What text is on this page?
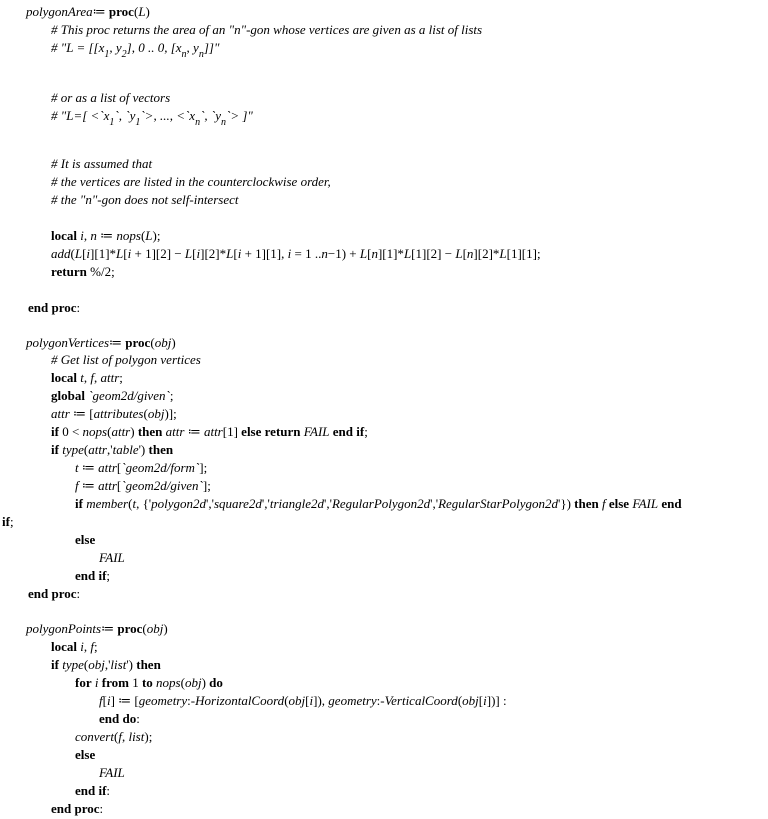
polygonArea≔ proc(L)
# This proc returns the area of an "n"-gon whose vertices are given as a list of lists
# "$L = [[x_1$, $y_2$], 0 .. 0, [$x_n$, $y_n$]]"
# or as a list of vectors
# "$L=[ <`x_1`$, $`y_1`>$, ..., $<`x_n`$, $`y_n`>$ ]"
# It is assumed that
# the vertices are listed in the counterclockwise order,
# the "n"-gon does not self-intersect
local i, n ≔ nops(L);
add(L[i][1]*L[i + 1][2] − L[i][2]*L[i + 1][1], i = 1 ..n−1) + L[n][1]*L[1][2] − L[n][2]*L[1][1];
return %/2;
end proc:
polygonVertices≔ proc(obj)
# Get list of polygon vertices
local t, f, attr;
global `geom2d/given`;
attr ≔ [attributes(obj)];
if 0 < nops(attr) then attr ≔ attr[1] else return FAIL end if;
if type(attr,'table') then
t ≔ attr[`geom2d/form`];
f ≔ attr[`geom2d/given`];
if member(t, {'polygon2d','square2d','triangle2d','RegularPolygon2d','RegularStarPolygon2d'}) then f else FAIL end
if;
else
FAIL
end if;
end proc:
polygonPoints≔ proc(obj)
local i, f;
if type(obj,'list') then
for i from 1 to nops(obj) do
f[i] ≔ [geometry:-HorizontalCoord(obj[i]), geometry:-VerticalCoord(obj[i])] :
end do:
convert(f, list);
else
FAIL
end if:
end proc:
